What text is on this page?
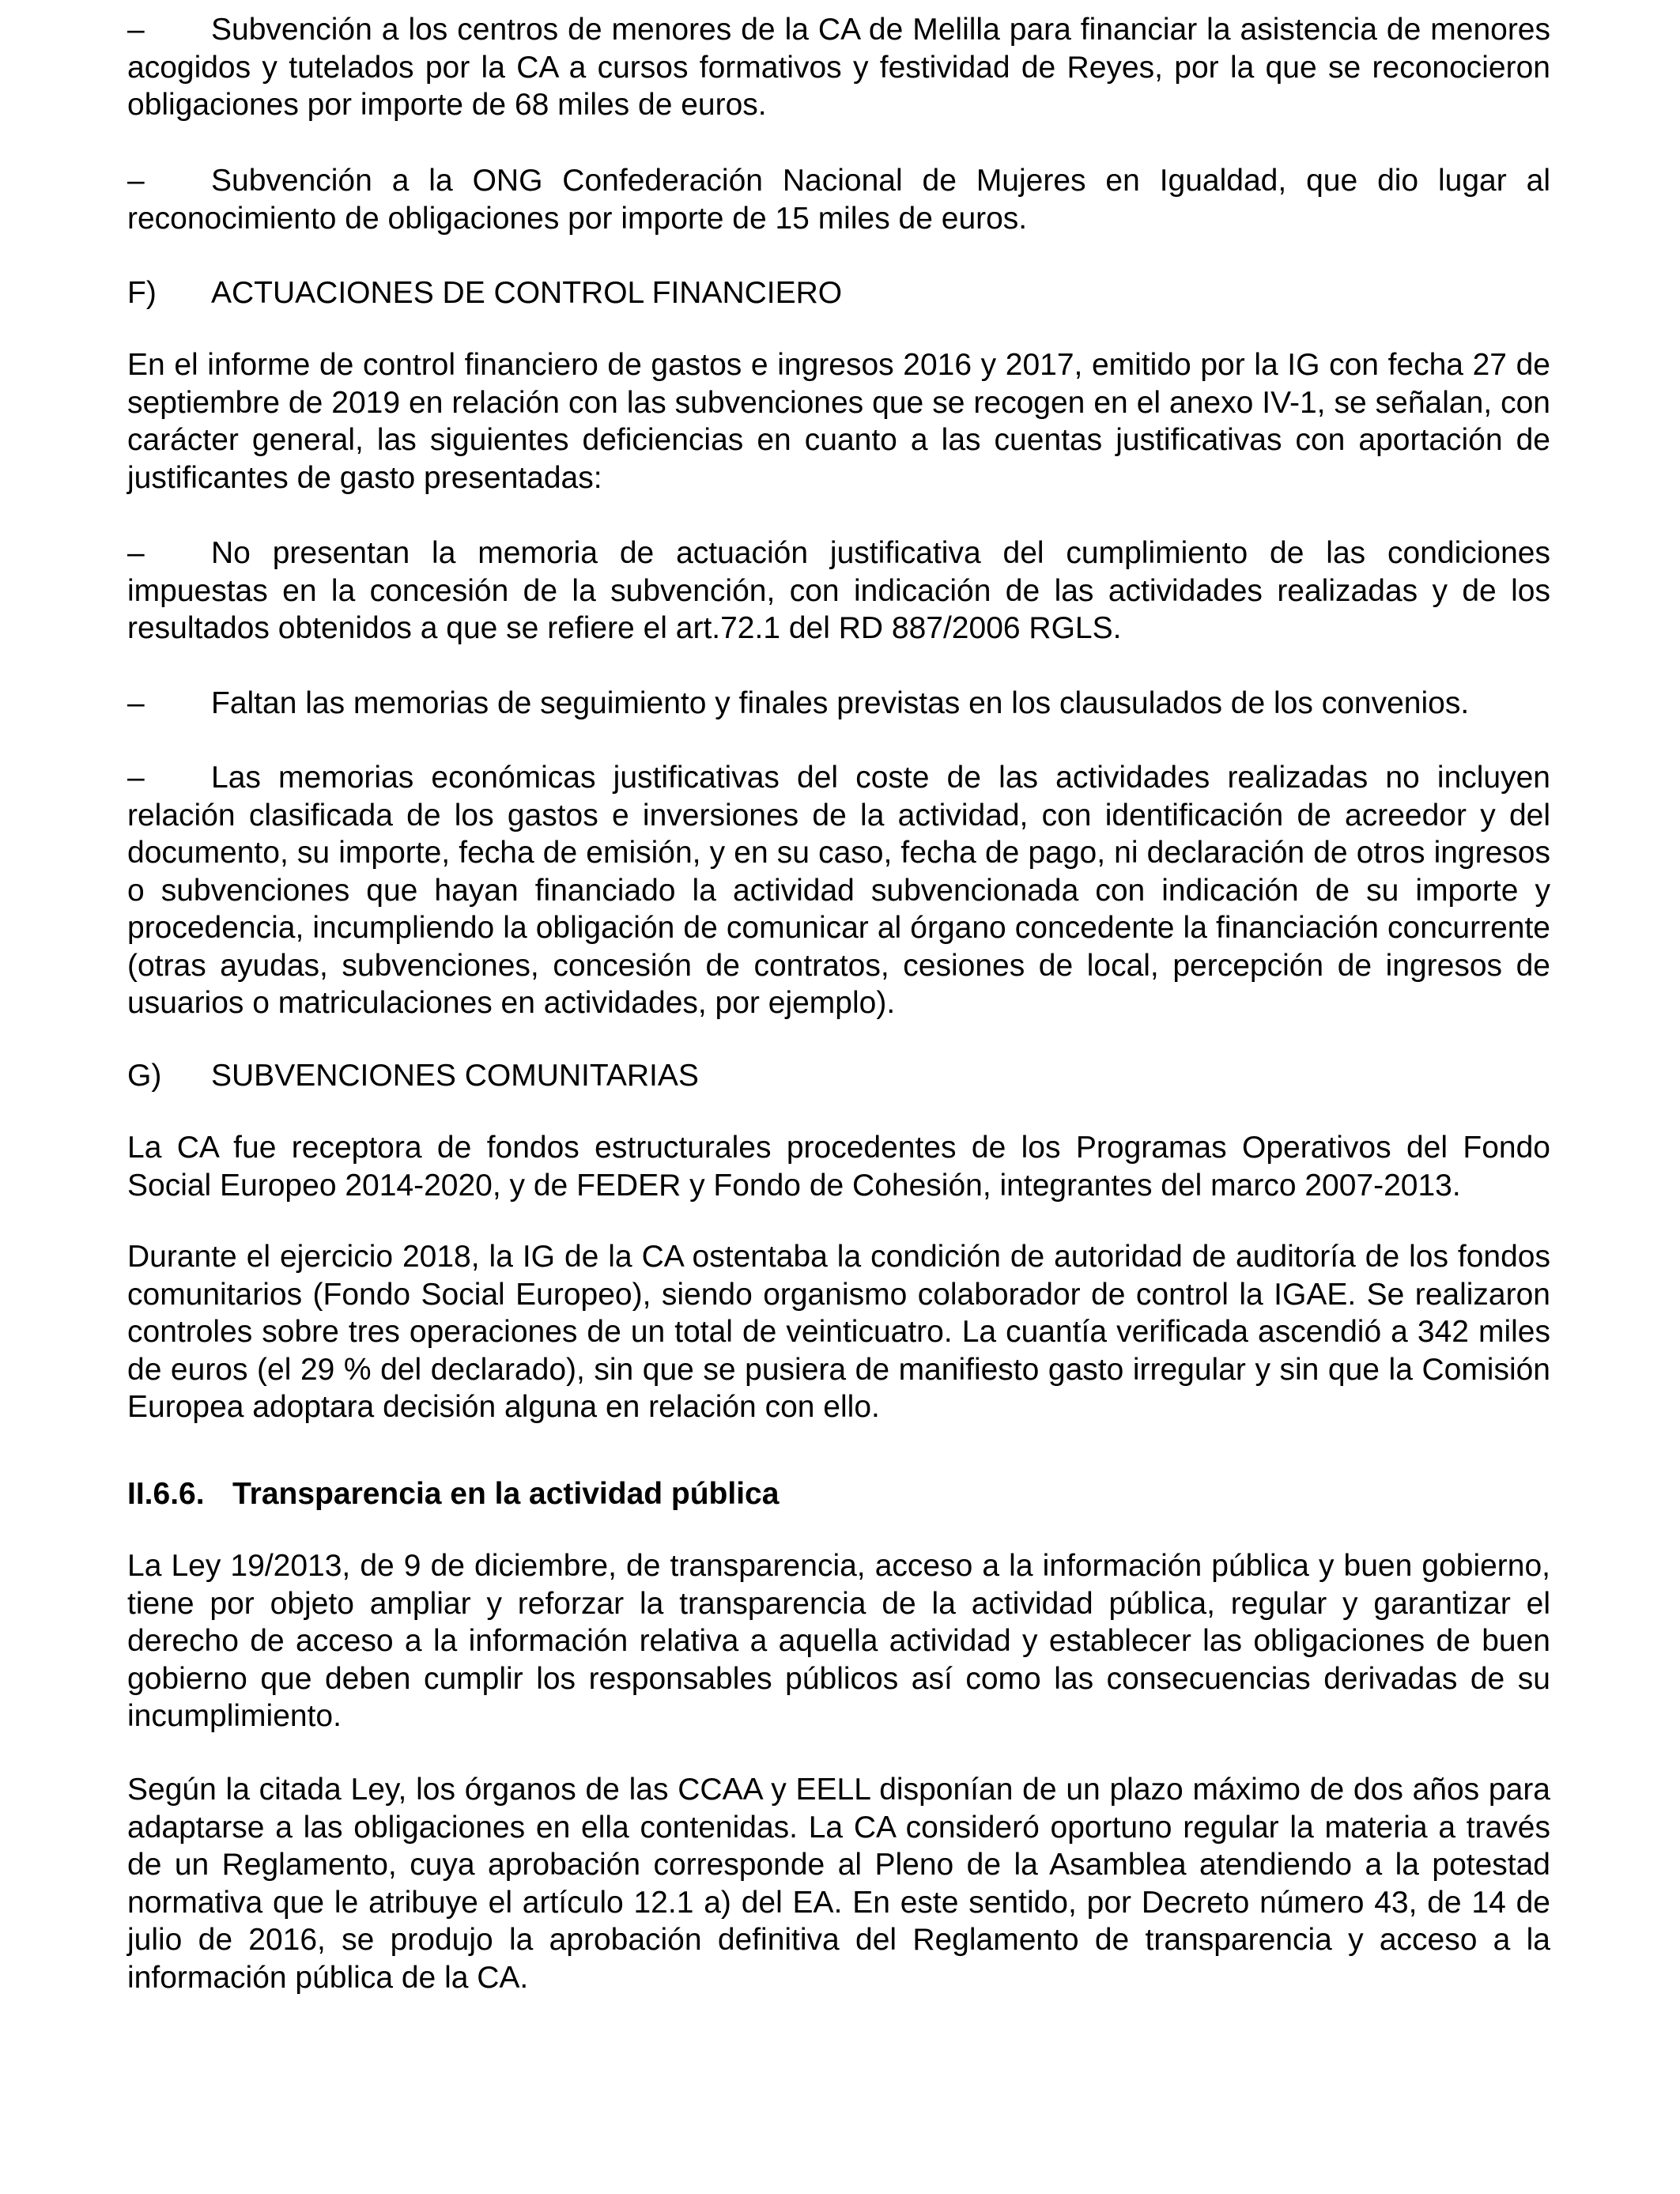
– Subvención a los centros de menores de la CA de Melilla para financiar la asistencia de menores acogidos y tutelados por la CA a cursos formativos y festividad de Reyes, por la que se reconocieron obligaciones por importe de 68 miles de euros.

– Subvención a la ONG Confederación Nacional de Mujeres en Igualdad, que dio lugar al reconocimiento de obligaciones por importe de 15 miles de euros.

F) ACTUACIONES DE CONTROL FINANCIERO

En el informe de control financiero de gastos e ingresos 2016 y 2017, emitido por la IG con fecha 27 de septiembre de 2019 en relación con las subvenciones que se recogen en el anexo IV-1, se señalan, con carácter general, las siguientes deficiencias en cuanto a las cuentas justificativas con aportación de justificantes de gasto presentadas:

– No presentan la memoria de actuación justificativa del cumplimiento de las condiciones impuestas en la concesión de la subvención, con indicación de las actividades realizadas y de los resultados obtenidos a que se refiere el art.72.1 del RD 887/2006 RGLS.

– Faltan las memorias de seguimiento y finales previstas en los clausulados de los convenios.

– Las memorias económicas justificativas del coste de las actividades realizadas no incluyen relación clasificada de los gastos e inversiones de la actividad, con identificación de acreedor y del documento, su importe, fecha de emisión, y en su caso, fecha de pago, ni declaración de otros ingresos o subvenciones que hayan financiado la actividad subvencionada con indicación de su importe y procedencia, incumpliendo la obligación de comunicar al órgano concedente la financiación concurrente (otras ayudas, subvenciones, concesión de contratos, cesiones de local, percepción de ingresos de usuarios o matriculaciones en actividades, por ejemplo).

G) SUBVENCIONES COMUNITARIAS

La CA fue receptora de fondos estructurales procedentes de los Programas Operativos del Fondo Social Europeo 2014-2020, y de FEDER y Fondo de Cohesión, integrantes del marco 2007-2013.

Durante el ejercicio 2018, la IG de la CA ostentaba la condición de autoridad de auditoría de los fondos comunitarios (Fondo Social Europeo), siendo organismo colaborador de control la IGAE. Se realizaron controles sobre tres operaciones de un total de veinticuatro. La cuantía verificada ascendió a 342 miles de euros (el 29 % del declarado), sin que se pusiera de manifiesto gasto irregular y sin que la Comisión Europea adoptara decisión alguna en relación con ello.

II.6.6. Transparencia en la actividad pública

La Ley 19/2013, de 9 de diciembre, de transparencia, acceso a la información pública y buen gobierno, tiene por objeto ampliar y reforzar la transparencia de la actividad pública, regular y garantizar el derecho de acceso a la información relativa a aquella actividad y establecer las obligaciones de buen gobierno que deben cumplir los responsables públicos así como las consecuencias derivadas de su incumplimiento.

Según la citada Ley, los órganos de las CCAA y EELL disponían de un plazo máximo de dos años para adaptarse a las obligaciones en ella contenidas. La CA consideró oportuno regular la materia a través de un Reglamento, cuya aprobación corresponde al Pleno de la Asamblea atendiendo a la potestad normativa que le atribuye el artículo 12.1 a) del EA. En este sentido, por Decreto número 43, de 14 de julio de 2016, se produjo la aprobación definitiva del Reglamento de transparencia y acceso a la información pública de la CA.
